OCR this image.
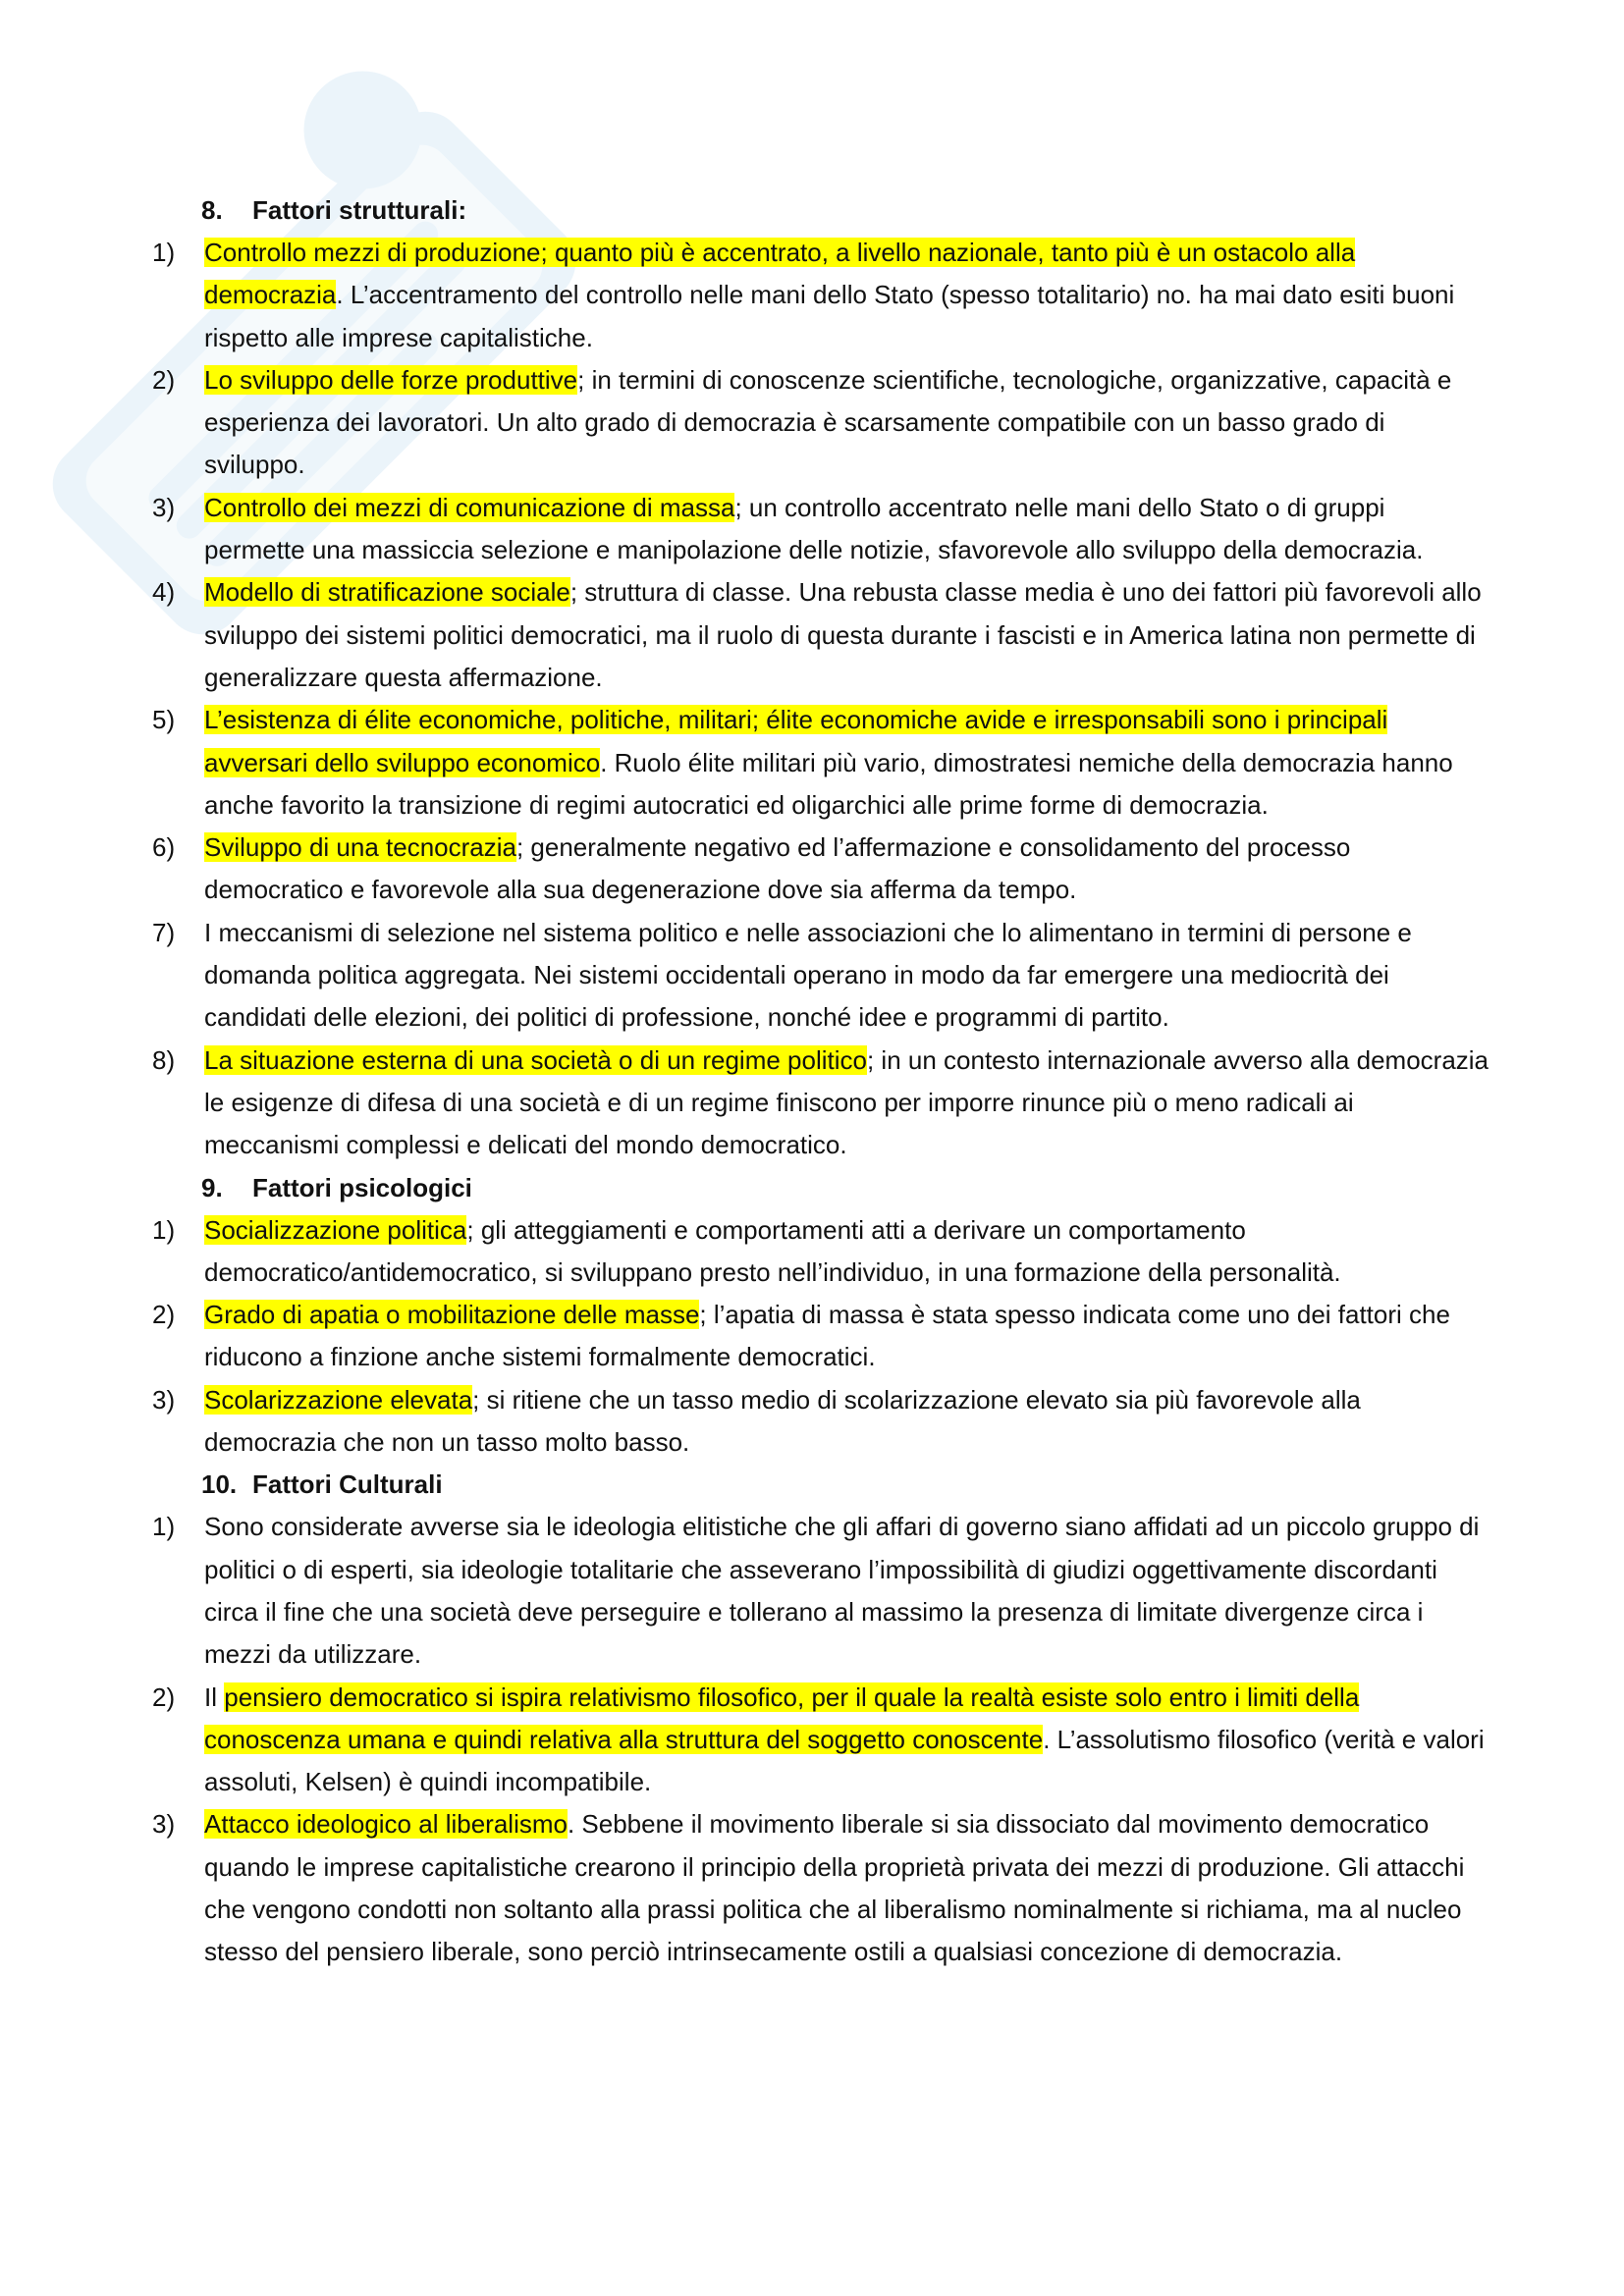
8. Fattori strutturali:
1)	Controllo mezzi di produzione; quanto più è accentrato, a livello nazionale, tanto più è un ostacolo alla democrazia. L’accentramento del controllo nelle mani dello Stato (spesso totalitario) no. ha mai dato esiti buoni rispetto alle imprese capitalistiche.
2)	Lo sviluppo delle forze produttive; in termini di conoscenze scientifiche, tecnologiche, organizzative, capacità e esperienza dei lavoratori. Un alto grado di democrazia è scarsamente compatibile con un basso grado di sviluppo.
3)	Controllo dei mezzi di comunicazione di massa; un controllo accentrato nelle mani dello Stato o di gruppi permette una massiccia selezione e manipolazione delle notizie, sfavorevole allo sviluppo della democrazia.
4)	Modello di stratificazione sociale; struttura di classe. Una rebusta classe media è uno dei fattori più favorevoli allo sviluppo dei sistemi politici democratici, ma il ruolo di questa durante i fascisti e in America latina non permette di generalizzare questa affermazione.
5)	L’esistenza di élite economiche, politiche, militari; élite economiche avide e irresponsabili sono i principali avversari dello sviluppo economico. Ruolo élite militari più vario, dimostratesi nemiche della democrazia hanno anche favorito la transizione di regimi autocratici ed oligarchici alle prime forme di democrazia.
6)	Sviluppo di una tecnocrazia; generalmente negativo ed l’affermazione e consolidamento del processo democratico e favorevole alla sua degenerazione dove sia afferma da tempo.
7)	I meccanismi di selezione nel sistema politico e nelle associazioni che lo alimentano in termini di persone e domanda politica aggregata. Nei sistemi occidentali operano in modo da far emergere una mediocrità dei candidati delle elezioni, dei politici di professione, nonché idee e programmi di partito.
8)	La situazione esterna di una società o di un regime politico; in un contesto internazionale avverso alla democrazia le esigenze di difesa di una società e di un regime finiscono per imporre rinunce più o meno radicali ai meccanismi complessi e delicati del mondo democratico.
9. Fattori psicologici
1)	Socializzazione politica; gli atteggiamenti e comportamenti atti a derivare un comportamento democratico/antidemocratico, si sviluppano presto nell’individuo, in una formazione della personalità.
2)	Grado di apatia o mobilitazione delle masse; l’apatia di massa è stata spesso indicata come uno dei fattori che riducono a finzione anche sistemi formalmente democratici.
3)	Scolarizzazione elevata; si ritiene che un tasso medio di scolarizzazione elevato sia più favorevole alla democrazia che non un tasso molto basso.
10. Fattori Culturali
1)	Sono considerate avverse sia le ideologia elitistiche che gli affari di governo siano affidati ad un piccolo gruppo di politici o di esperti, sia ideologie totalitarie che asseverano l’impossibilità di giudizi oggettivamente discordanti circa il fine che una società deve perseguire e tollerano al massimo la presenza di limitate divergenze circa i mezzi da utilizzare.
2)	Il pensiero democratico si ispira relativismo filosofico, per il quale la realtà esiste solo entro i limiti della conoscenza umana e quindi relativa alla struttura del soggetto conoscente. L’assolutismo filosofico (verità e valori assoluti, Kelsen) è quindi incompatibile.
3)	Attacco ideologico al liberalismo. Sebbene il movimento liberale si sia dissociato dal movimento democratico quando le imprese capitalistiche crearono il principio della proprietà privata dei mezzi di produzione. Gli attacchi che vengono condotti non soltanto alla prassi politica che al liberalismo nominalmente si richiama, ma al nucleo stesso del pensiero liberale, sono perciò intrinsecamente ostili a qualsiasi concezione di democrazia.
